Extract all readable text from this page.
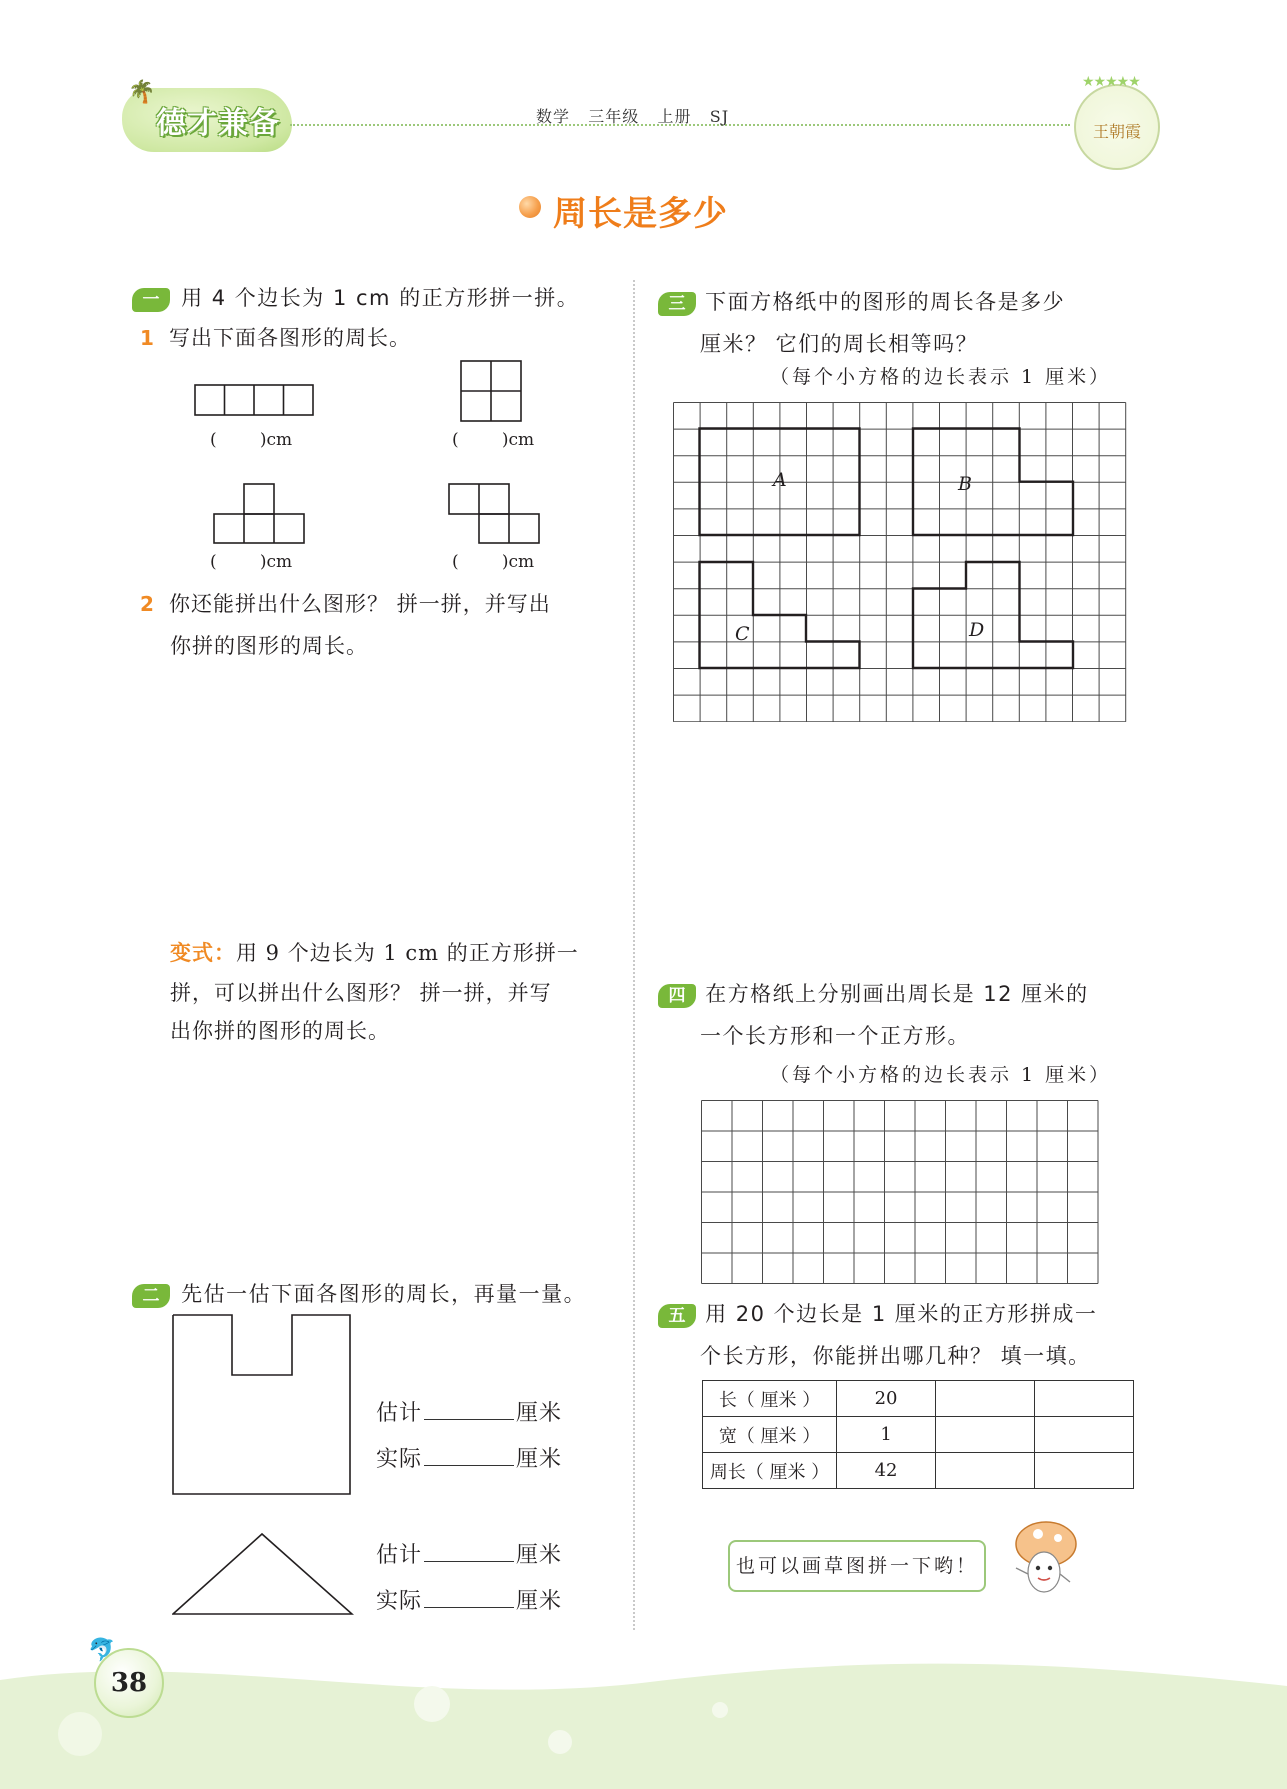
🌴
德才兼备	数学   三年级   上册   SJ
王朝霞
★★★★★
周长是多少
一 用 4 个边长为 1 cm 的正方形拼一拼。
1 写出下面各图形的周长。
(        )cm	(        )cm
(        )cm	(        )cm
2 你还能拼出什么图形？ 拼一拼，并写出
你拼的图形的周长。
变式：用 9 个边长为 1 cm 的正方形拼一
拼，可以拼出什么图形？ 拼一拼，并写
出你拼的图形的周长。
二 先估一估下面各图形的周长，再量一量。
估计	厘米
实际	厘米
估计	厘米
实际	厘米
三 下面方格纸中的图形的周长各是多少
厘米？ 它们的周长相等吗？
（每个小方格的边长表示 1 厘米）
A	B
C	D
四 在方格纸上分别画出周长是 12 厘米的
一个长方形和一个正方形。
（每个小方格的边长表示 1 厘米）
五 用 20 个边长是 1 厘米的正方形拼成一
个长方形，你能拼出哪几种？ 填一填。
长（ 厘米 ）	20		
宽（ 厘米 ）	1		
周长（ 厘米 ）	42		
也可以画草图拼一下哟！
38
🐬
